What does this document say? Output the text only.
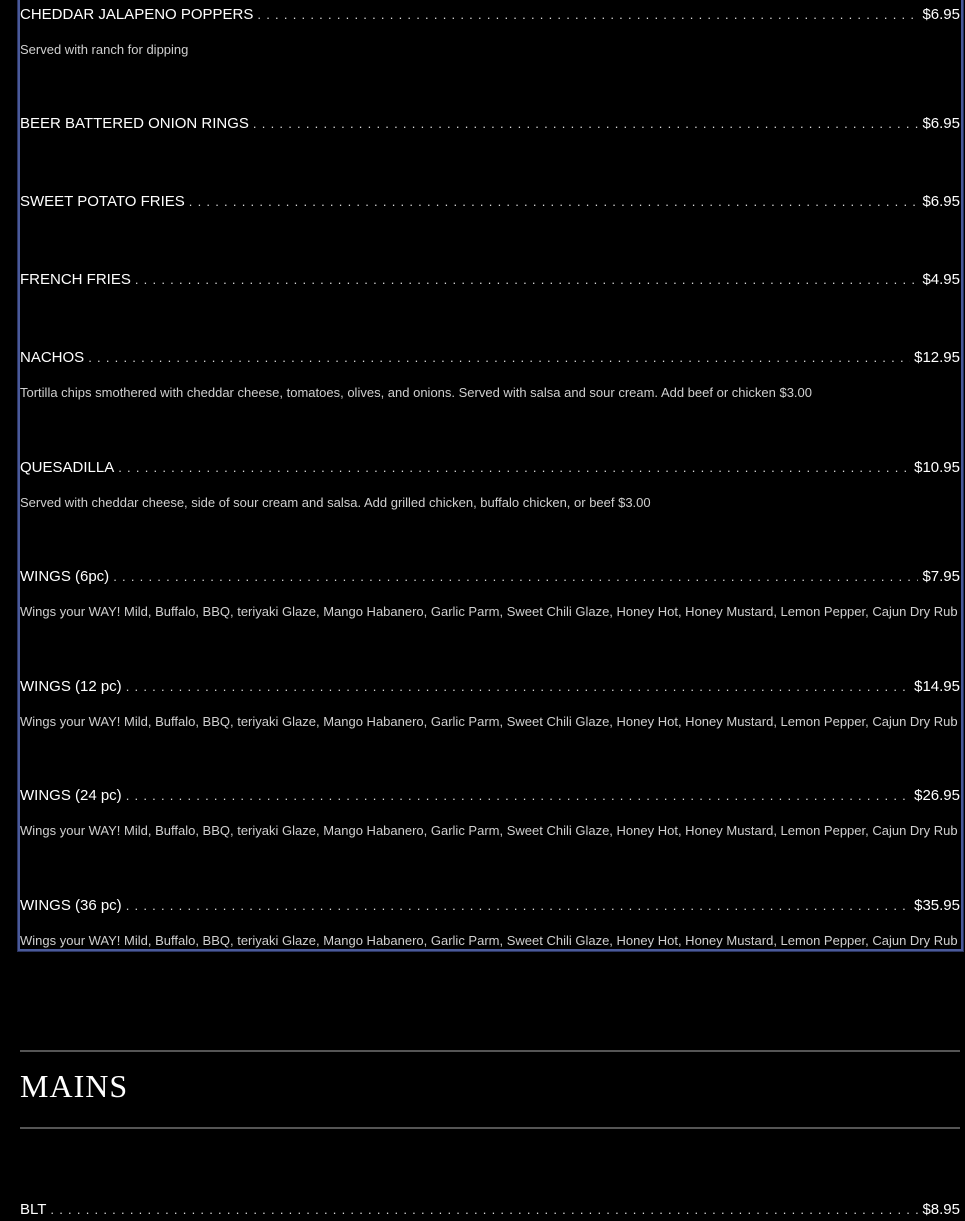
CHEDDAR JALAPENO POPPERS . . .	$6.95
Served with ranch for dipping
BEER BATTERED ONION RINGS . . .	$6.95
SWEET POTATO FRIES . . .	$6.95
FRENCH FRIES . . .	$4.95
NACHOS . . .	$12.95
Tortilla chips smothered with cheddar cheese, tomatoes, olives, and onions. Served with salsa and sour cream. Add beef or chicken $3.00
QUESADILLA . . .	$10.95
Served with cheddar cheese, side of sour cream and salsa. Add grilled chicken, buffalo chicken, or beef $3.00
WINGS (6pc) . . .	$7.95
Wings your WAY! Mild, Buffalo, BBQ, teriyaki Glaze, Mango Habanero, Garlic Parm, Sweet Chili Glaze, Honey Hot, Honey Mustard, Lemon Pepper, Cajun Dry Rub
WINGS (12 pc) . . .	$14.95
Wings your WAY! Mild, Buffalo, BBQ, teriyaki Glaze, Mango Habanero, Garlic Parm, Sweet Chili Glaze, Honey Hot, Honey Mustard, Lemon Pepper, Cajun Dry Rub
WINGS (24 pc) . . .	$26.95
Wings your WAY! Mild, Buffalo, BBQ, teriyaki Glaze, Mango Habanero, Garlic Parm, Sweet Chili Glaze, Honey Hot, Honey Mustard, Lemon Pepper, Cajun Dry Rub
WINGS (36 pc) . . .	$35.95
Wings your WAY! Mild, Buffalo, BBQ, teriyaki Glaze, Mango Habanero, Garlic Parm, Sweet Chili Glaze, Honey Hot, Honey Mustard, Lemon Pepper, Cajun Dry Rub
MAINS
BLT . . .	$8.95
